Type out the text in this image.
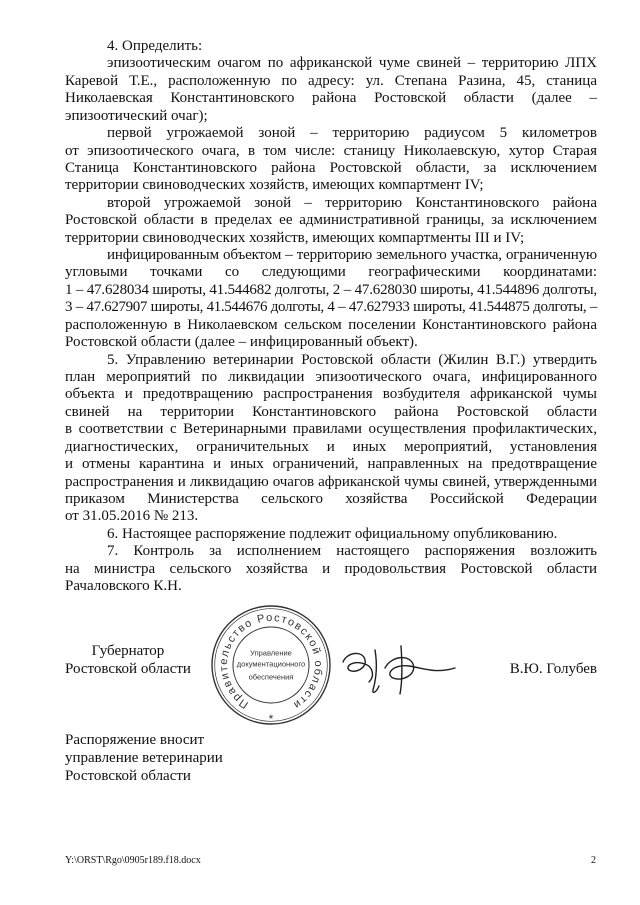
4. Определить:
эпизоотическим очагом по африканской чуме свиней – территорию ЛПХ
Каревой Т.Е., расположенную по адресу: ул. Степана Разина, 45, станица
Николаевская Константиновского района Ростовской области (далее –
эпизоотический очаг);
первой угрожаемой зоной – территорию радиусом 5 километров
от эпизоотического очага, в том числе: станицу Николаевскую, хутор Старая
Станица Константиновского района Ростовской области, за исключением
территории свиноводческих хозяйств, имеющих компартмент IV;
второй угрожаемой зоной – территорию Константиновского района
Ростовской области в пределах ее административной границы, за исключением
территории свиноводческих хозяйств, имеющих компартменты III и IV;
инфицированным объектом – территорию земельного участка, ограниченную
угловыми точками со следующими географическими координатами:
1 – 47.628034 широты, 41.544682 долготы, 2 – 47.628030 широты, 41.544896 долготы,
3 – 47.627907 широты, 41.544676 долготы, 4 – 47.627933 широты, 41.544875 долготы, –
расположенную в Николаевском сельском поселении Константиновского района
Ростовской области (далее – инфицированный объект).
5. Управлению ветеринарии Ростовской области (Жилин В.Г.) утвердить
план мероприятий по ликвидации эпизоотического очага, инфицированного
объекта и предотвращению распространения возбудителя африканской чумы
свиней на территории Константиновского района Ростовской области
в соответствии с Ветеринарными правилами осуществления профилактических,
диагностических, ограничительных и иных мероприятий, установления
и отмены карантина и иных ограничений, направленных на предотвращение
распространения и ликвидацию очагов африканской чумы свиней, утвержденными
приказом Министерства сельского хозяйства Российской Федерации
от 31.05.2016 № 213.
6. Настоящее распоряжение подлежит официальному опубликованию.
7. Контроль за исполнением настоящего распоряжения возложить
на министра сельского хозяйства и продовольствия Ростовской области
Рачаловского К.Н.
Губернатор
Ростовской области
Правительство Ростовской области
Управление
документационного
обеспечения
*
В.Ю. Голубев
Распоряжение вносит
управление ветеринарии
Ростовской области
Y:\ORST\Rgo\0905r189.f18.docx	2
